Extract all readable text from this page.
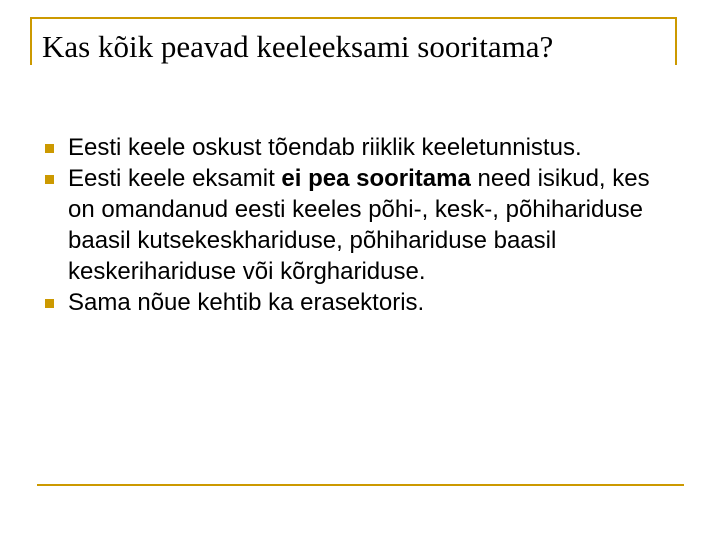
Kas kõik peavad keeleeksami sooritama?
Eesti keele oskust tõendab riiklik keeletunnistus.
Eesti keele eksamit ei pea sooritama need isikud, kes on omandanud eesti keeles põhi-, kesk-, põhihariduse baasil kutsekeskhariduse, põhihariduse baasil keskerihariduse või kõrghariduse.
Sama nõue kehtib ka erasektoris.
